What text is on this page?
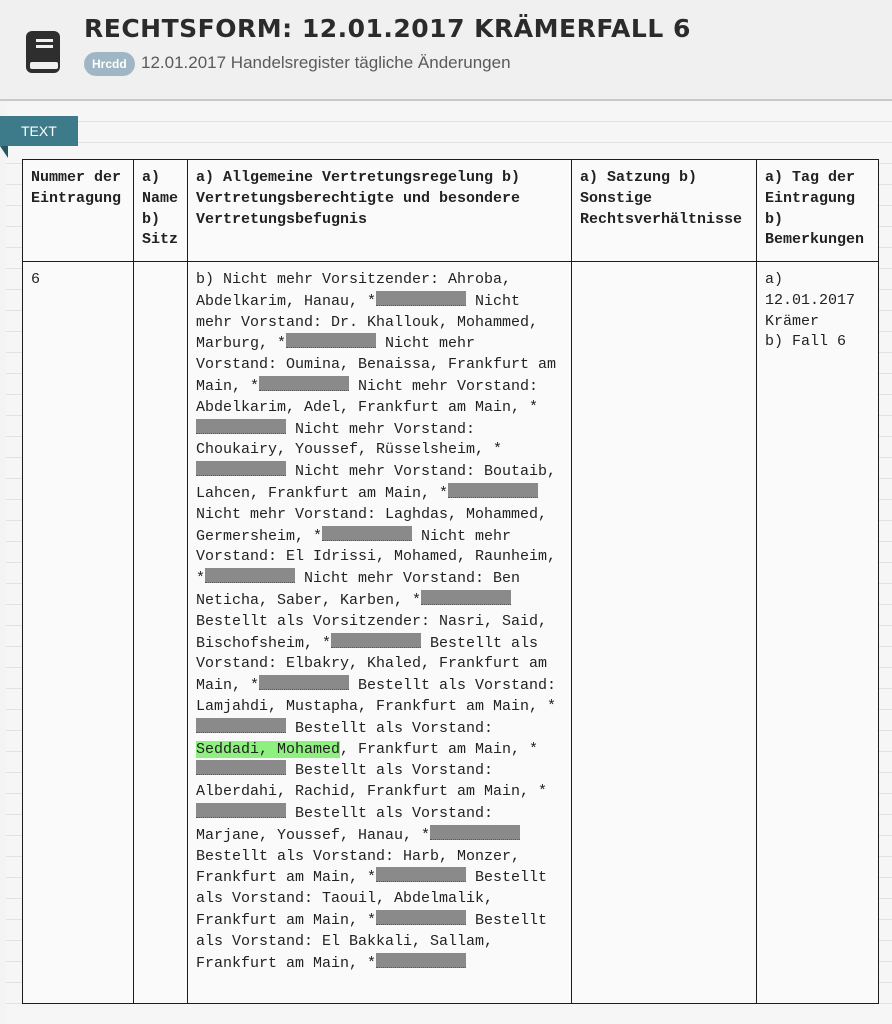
RECHTSFORM: 12.01.2017 KRÄMERFALL 6
Hrcdd 12.01.2017 Handelsregister tägliche Änderungen
TEXT
Nummer der Eintragung	a) Name b) Sitz	a) Allgemeine Vertretungsregelung b) Vertretungsberechtigte und besondere Vertretungsbefugnis	a) Satzung b) Sonstige Rechtsverhältnisse	a) Tag der Eintragung b) Bemerkungen
6		b) Nicht mehr Vorsitzender: Ahroba, Abdelkarim, Hanau, * Nicht mehr Vorstand: Dr. Khallouk, Mohammed, Marburg, * Nicht mehr Vorstand: Oumina, Benaissa, Frankfurt am Main, * Nicht mehr Vorstand: Abdelkarim, Adel, Frankfurt am Main, * Nicht mehr Vorstand: Choukairy, Youssef, Rüsselsheim, * Nicht mehr Vorstand: Boutaib, Lahcen, Frankfurt am Main, * Nicht mehr Vorstand: Laghdas, Mohammed, Germersheim, * Nicht mehr Vorstand: El Idrissi, Mohamed, Raunheim, * Nicht mehr Vorstand: Ben Neticha, Saber, Karben, * Bestellt als Vorsitzender: Nasri, Said, Bischofsheim, * Bestellt als Vorstand: Elbakry, Khaled, Frankfurt am Main, * Bestellt als Vorstand: Lamjahdi, Mustapha, Frankfurt am Main, * Bestellt als Vorstand: Seddadi, Mohamed, Frankfurt am Main, * Bestellt als Vorstand: Alberdahi, Rachid, Frankfurt am Main, * Bestellt als Vorstand: Marjane, Youssef, Hanau, * Bestellt als Vorstand: Harb, Monzer, Frankfurt am Main, * Bestellt als Vorstand: Taouil, Abdelmalik, Frankfurt am Main, * Bestellt als Vorstand: El Bakkali, Sallam, Frankfurt am Main, *		a) 12.01.2017 Krämer
b) Fall 6
